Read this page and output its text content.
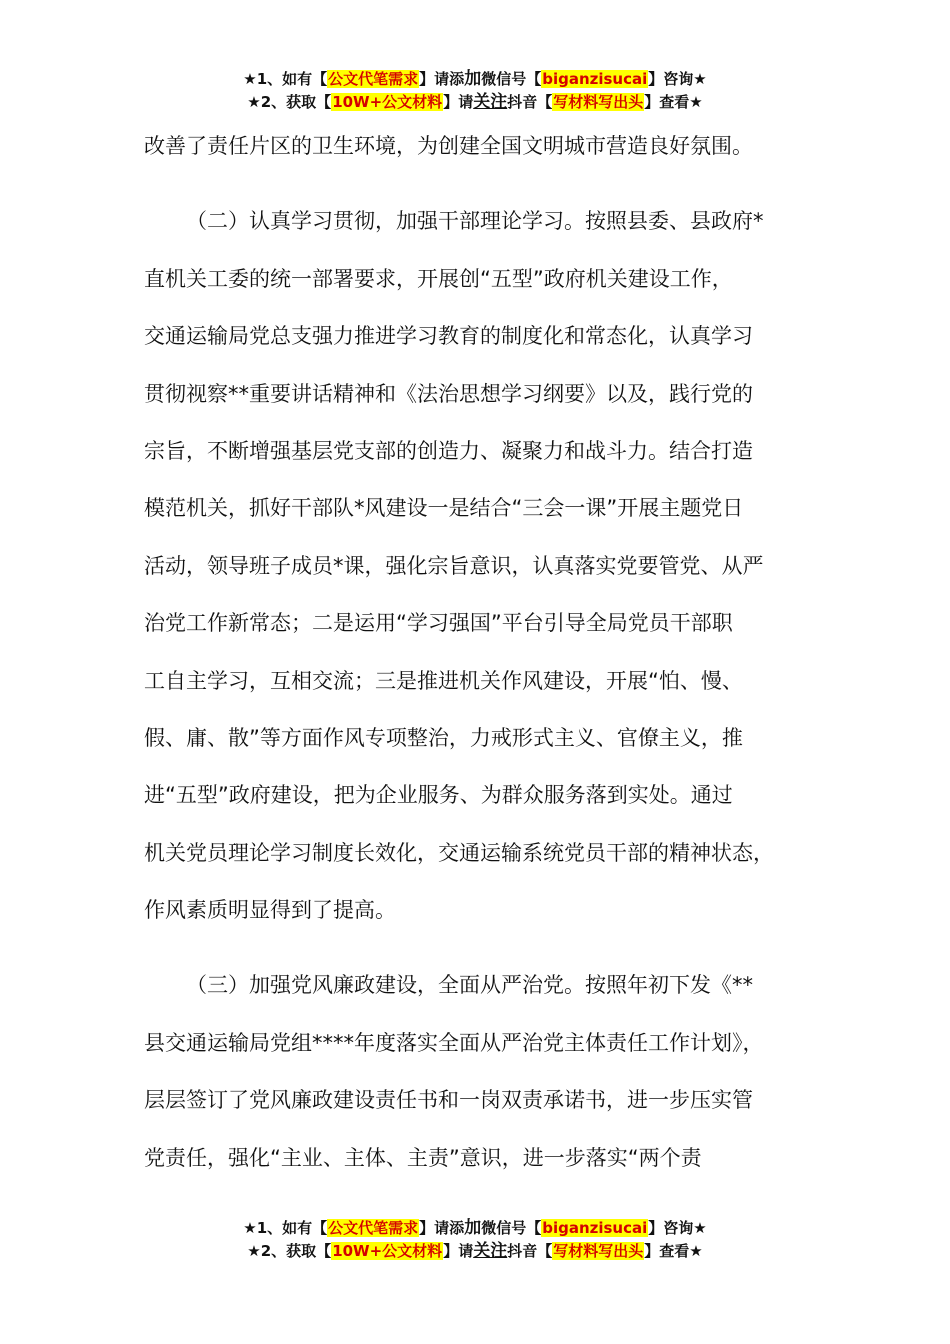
★1、如有【公文代笔需求】请添加微信号【biganzisucai】咨询★
★2、获取【10W+公文材料】请关注抖音【写材料写出头】查看★
改善了责任片区的卫生环境，为创建全国文明城市营造良好氛围。
（二）认真学习贯彻，加强干部理论学习。按照县委、县政府*
直机关工委的统一部署要求，开展创“五型”政府机关建设工作，
交通运输局党总支强力推进学习教育的制度化和常态化，认真学习
贯彻视察**重要讲话精神和《法治思想学习纲要》以及，践行党的
宗旨，不断增强基层党支部的创造力、凝聚力和战斗力。结合打造
模范机关，抓好干部队*风建设一是结合“三会一课”开展主题党日
活动，领导班子成员*课，强化宗旨意识，认真落实党要管党、从严
治党工作新常态；二是运用“学习强国”平台引导全局党员干部职
工自主学习，互相交流；三是推进机关作风建设，开展“怕、慢、
假、庸、散”等方面作风专项整治，力戒形式主义、官僚主义，推
进“五型”政府建设，把为企业服务、为群众服务落到实处。通过
机关党员理论学习制度长效化，交通运输系统党员干部的精神状态，
作风素质明显得到了提高。
（三）加强党风廉政建设，全面从严治党。按照年初下发《**
县交通运输局党组****年度落实全面从严治党主体责任工作计划》，
层层签订了党风廉政建设责任书和一岗双责承诺书，进一步压实管
党责任，强化“主业、主体、主责”意识，进一步落实“两个责
★1、如有【公文代笔需求】请添加微信号【biganzisucai】咨询★
★2、获取【10W+公文材料】请关注抖音【写材料写出头】查看★
